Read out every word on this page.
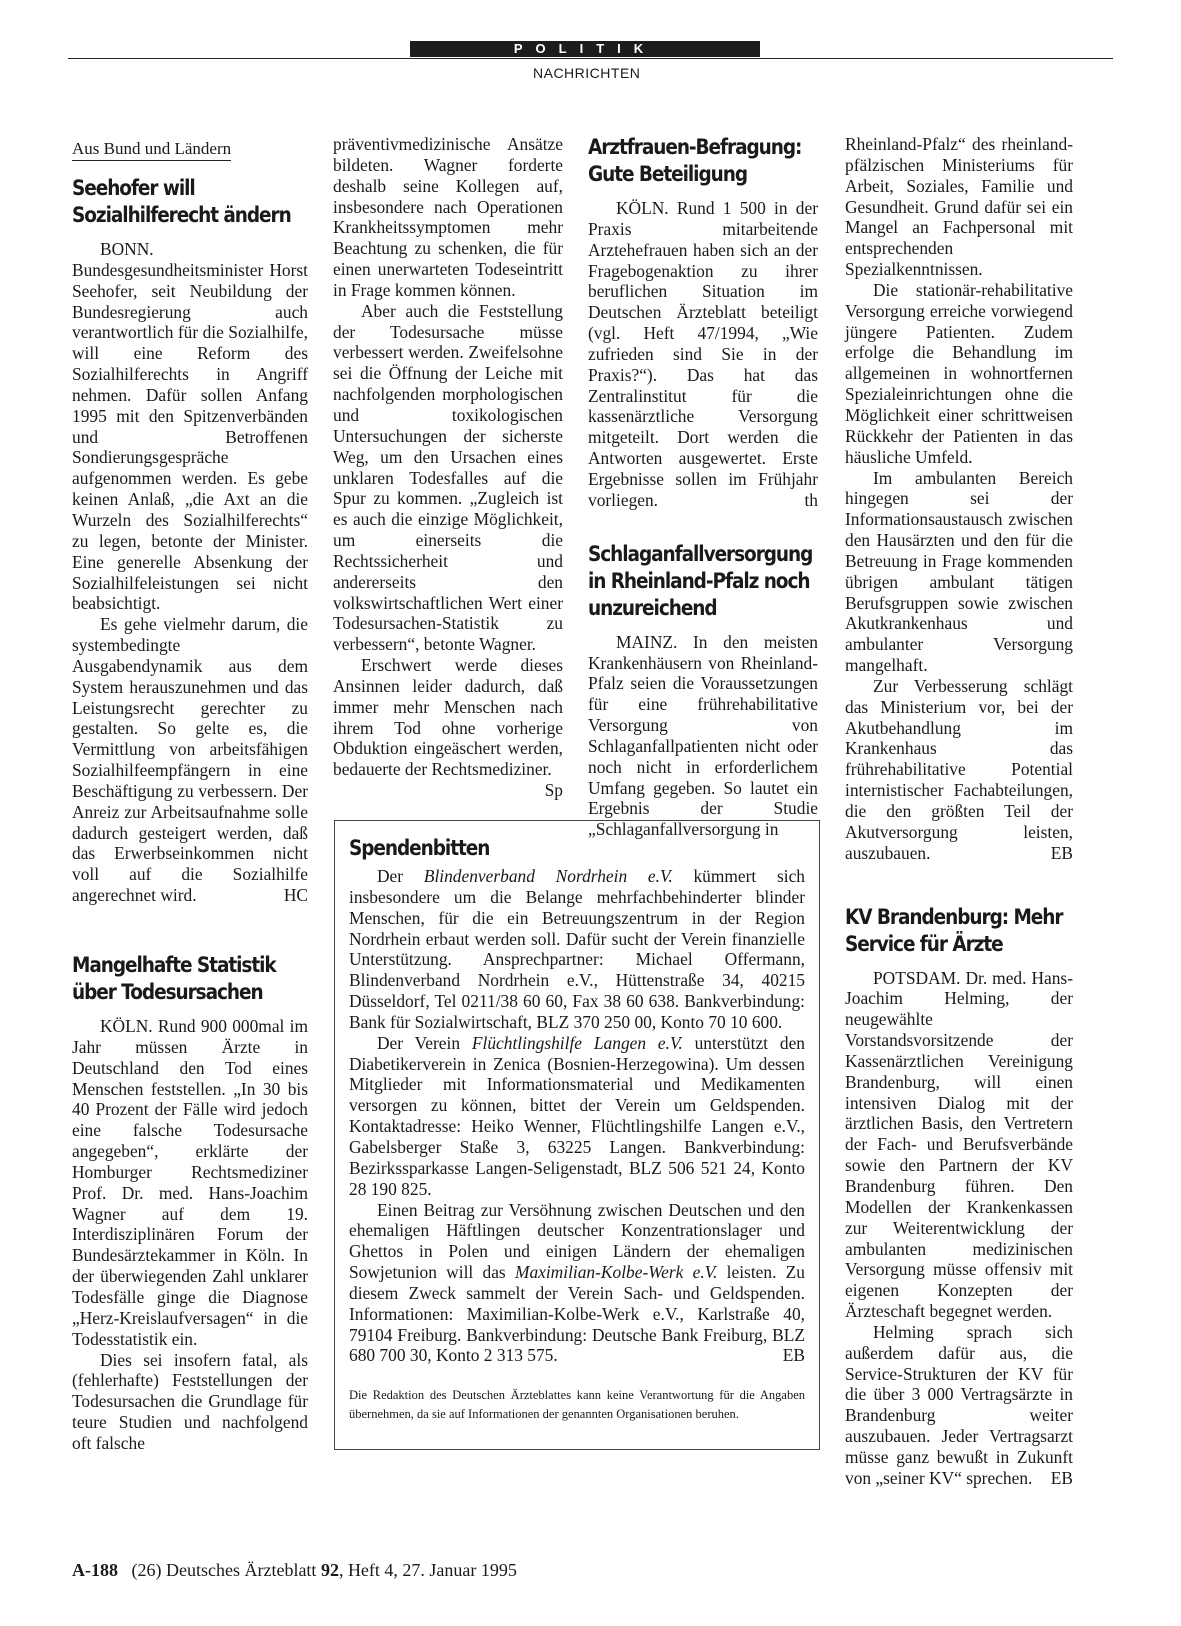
POLITIK
NACHRICHTEN
Aus Bund und Ländern
Seehofer will
Sozialhilferecht ändern

BONN. Bundesgesundheitsminister Horst Seehofer, seit Neubildung der Bundesregierung auch verantwortlich für die Sozialhilfe, will eine Reform des Sozialhilferechts in Angriff nehmen. Dafür sollen Anfang 1995 mit den Spitzenverbänden und Betroffenen Sondierungsgespräche aufgenommen werden. Es gebe keinen Anlaß, „die Axt an die Wurzeln des Sozialhilferechts“ zu legen, betonte der Minister. Eine generelle Absenkung der Sozialhilfeleistungen sei nicht beabsichtigt.

Es gehe vielmehr darum, die systembedingte Ausgabendynamik aus dem System herauszunehmen und das Leistungsrecht gerechter zu gestalten. So gelte es, die Vermittlung von arbeitsfähigen Sozialhilfeempfängern in eine Beschäftigung zu verbessern. Der Anreiz zur Arbeitsaufnahme solle dadurch gesteigert werden, daß das Erwerbseinkommen nicht voll auf die Sozialhilfe angerechnet wird.	HC

Mangelhafte Statistik
über Todesursachen

KÖLN. Rund 900 000mal im Jahr müssen Ärzte in Deutschland den Tod eines Menschen feststellen. „In 30 bis 40 Prozent der Fälle wird jedoch eine falsche Todesursache angegeben“, erklärte der Homburger Rechtsmediziner Prof. Dr. med. Hans-Joachim Wagner auf dem 19. Interdisziplinären Forum der Bundesärztekammer in Köln. In der überwiegenden Zahl unklarer Todesfälle ginge die Diagnose „Herz-Kreislaufversagen“ in die Todesstatistik ein.

Dies sei insofern fatal, als (fehlerhafte) Feststellungen der Todesursachen die Grundlage für teure Studien und nachfolgend oft falsche

präventivmedizinische Ansätze bildeten. Wagner forderte deshalb seine Kollegen auf, insbesondere nach Operationen Krankheitssymptomen mehr Beachtung zu schenken, die für einen unerwarteten Todeseintritt in Frage kommen können.

Aber auch die Feststellung der Todesursache müsse verbessert werden. Zweifelsohne sei die Öffnung der Leiche mit nachfolgenden morphologischen und toxikologischen Untersuchungen der sicherste Weg, um den Ursachen eines unklaren Todesfalles auf die Spur zu kommen. „Zugleich ist es auch die einzige Möglichkeit, um einerseits die Rechtssicherheit und andererseits den volkswirtschaftlichen Wert einer Todesursachen-Statistik zu verbessern“, betonte Wagner.

Erschwert werde dieses Ansinnen leider dadurch, daß immer mehr Menschen nach ihrem Tod ohne vorherige Obduktion eingeäschert werden, bedauerte der Rechtsmediziner.
Sp

Arztfrauen-Befragung:
Gute Beteiligung

KÖLN. Rund 1 500 in der Praxis mitarbeitende Arztehefrauen haben sich an der Fragebogenaktion zu ihrer beruflichen Situation im Deutschen Ärzteblatt beteiligt (vgl. Heft 47/1994, „Wie zufrieden sind Sie in der Praxis?“). Das hat das Zentralinstitut für die kassenärztliche Versorgung mitgeteilt. Dort werden die Antworten ausgewertet. Erste Ergebnisse sollen im Frühjahr vorliegen.	th

Schlaganfallversorgung
in Rheinland-Pfalz noch
unzureichend

MAINZ. In den meisten Krankenhäusern von Rheinland-Pfalz seien die Voraussetzungen für eine frührehabilitative Versorgung von Schlaganfallpatienten nicht oder noch nicht in erforderlichem Umfang gegeben. So lautet ein Ergebnis der Studie „Schlaganfallversorgung in

Rheinland-Pfalz“ des rheinland-pfälzischen Ministeriums für Arbeit, Soziales, Familie und Gesundheit. Grund dafür sei ein Mangel an Fachpersonal mit entsprechenden Spezialkenntnissen.

Die stationär-rehabilitative Versorgung erreiche vorwiegend jüngere Patienten. Zudem erfolge die Behandlung im allgemeinen in wohnortfernen Spezialeinrichtungen ohne die Möglichkeit einer schrittweisen Rückkehr der Patienten in das häusliche Umfeld.

Im ambulanten Bereich hingegen sei der Informationsaustausch zwischen den Hausärzten und den für die Betreuung in Frage kommenden übrigen ambulant tätigen Berufsgruppen sowie zwischen Akutkrankenhaus und ambulanter Versorgung mangelhaft.

Zur Verbesserung schlägt das Ministerium vor, bei der Akutbehandlung im Krankenhaus das frührehabilitative Potential internistischer Fachabteilungen, die den größten Teil der Akutversorgung leisten, auszubauen.	EB

KV Brandenburg: Mehr
Service für Ärzte

POTSDAM. Dr. med. Hans-Joachim Helming, der neugewählte Vorstandsvorsitzende der Kassenärztlichen Vereinigung Brandenburg, will einen intensiven Dialog mit der ärztlichen Basis, den Vertretern der Fach- und Berufsverbände sowie den Partnern der KV Brandenburg führen. Den Modellen der Krankenkassen zur Weiterentwicklung der ambulanten medizinischen Versorgung müsse offensiv mit eigenen Konzepten der Ärzteschaft begegnet werden.

Helming sprach sich außerdem dafür aus, die Service-Strukturen der KV für die über 3 000 Vertragsärzte in Brandenburg weiter auszubauen. Jeder Vertragsarzt müsse ganz bewußt in Zukunft von „seiner KV“ sprechen. EB

Spendenbitten

Der Blindenverband Nordrhein e.V. kümmert sich insbesondere um die Belange mehrfachbehinderter blinder Menschen, für die ein Betreuungszentrum in der Region Nordrhein erbaut werden soll. Dafür sucht der Verein finanzielle Unterstützung. Ansprechpartner: Michael Offermann, Blindenverband Nordrhein e.V., Hüttenstraße 34, 40215 Düsseldorf, Tel 0211/38 60 60, Fax 38 60 638. Bankverbindung: Bank für Sozialwirtschaft, BLZ 370 250 00, Konto 70 10 600.

Der Verein Flüchtlingshilfe Langen e.V. unterstützt den Diabetikerverein in Zenica (Bosnien-Herzegowina). Um dessen Mitglieder mit Informationsmaterial und Medikamenten versorgen zu können, bittet der Verein um Geldspenden. Kontaktadresse: Heiko Wenner, Flüchtlingshilfe Langen e.V., Gabelsberger Staße 3, 63225 Langen. Bankverbindung: Bezirkssparkasse Langen-Seligenstadt, BLZ 506 521 24, Konto 28 190 825.

Einen Beitrag zur Versöhnung zwischen Deutschen und den ehemaligen Häftlingen deutscher Konzentrationslager und Ghettos in Polen und einigen Ländern der ehemaligen Sowjetunion will das Maximilian-Kolbe-Werk e.V. leisten. Zu diesem Zweck sammelt der Verein Sach- und Geldspenden. Informationen: Maximilian-Kolbe-Werk e.V., Karlstraße 40, 79104 Freiburg. Bankverbindung: Deutsche Bank Freiburg, BLZ 680 700 30, Konto 2 313 575.	EB

Die Redaktion des Deutschen Ärzteblattes kann keine Verantwortung für die Angaben übernehmen, da sie auf Informationen der genannten Organisationen beruhen.
A-188 (26) Deutsches Ärzteblatt 92, Heft 4, 27. Januar 1995
